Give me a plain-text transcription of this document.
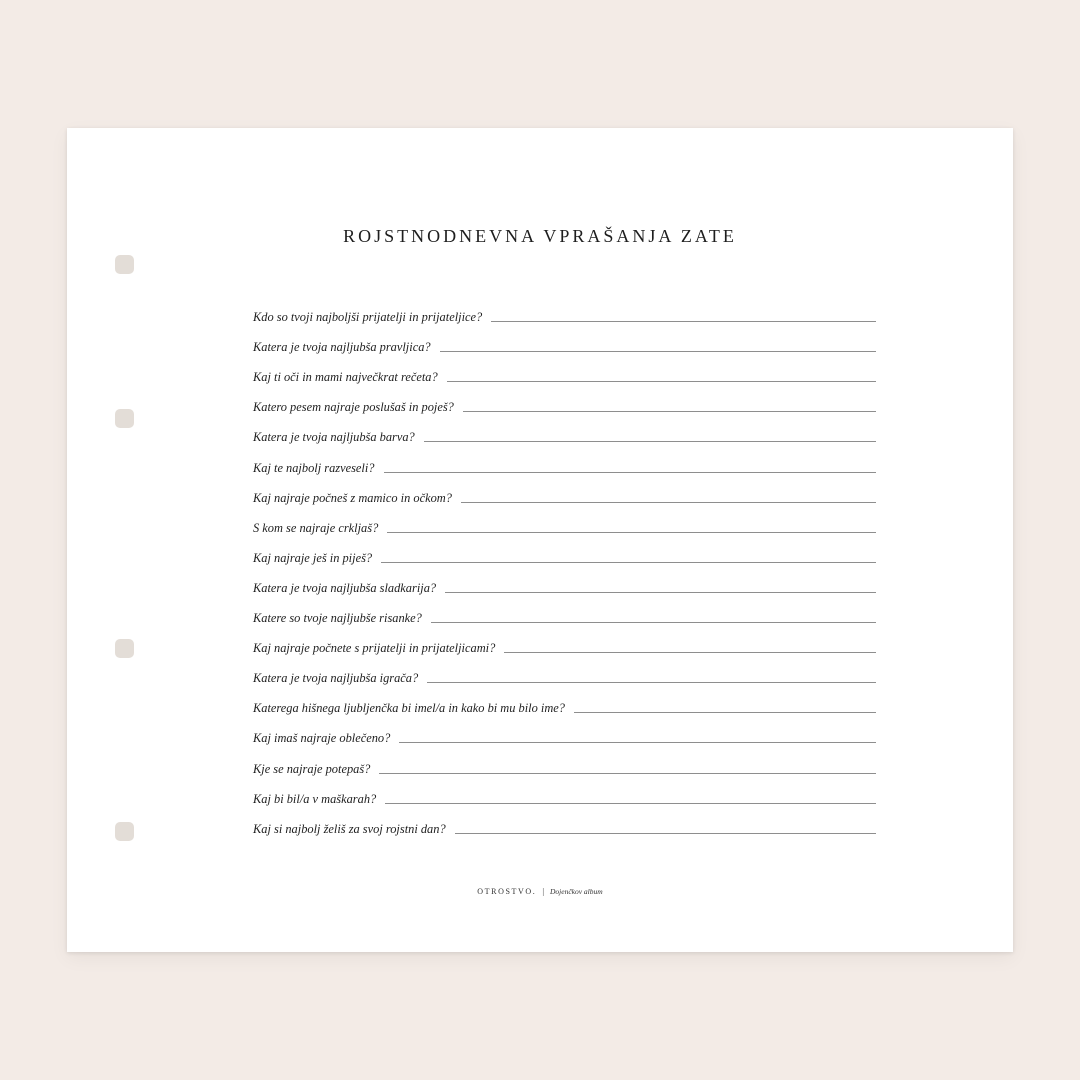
ROJSTNODNEVNA VPRAŠANJA ZATE
Kdo so tvoji najboljši prijatelji in prijateljice?
Katera je tvoja najljubša pravljica?
Kaj ti oči in mami največkrat rečeta?
Katero pesem najraje poslušaš in poješ?
Katera je tvoja najljubša barva?
Kaj te najbolj razveseli?
Kaj najraje počneš z mamico in očkom?
S kom se najraje crkljaš?
Kaj najraje ješ in piješ?
Katera je tvoja najljubša sladkarija?
Katere so tvoje najljubše risanke?
Kaj najraje počnete s prijatelji in prijateljicami?
Katera je tvoja najljubša igrača?
Katerega hišnega ljubljenčka bi imel/a in kako bi mu bilo ime?
Kaj imaš najraje oblečeno?
Kje se najraje potepaš?
Kaj bi bil/a v maškarah?
Kaj si najbolj želiš za svoj rojstni dan?
OTROSTVO. | Dojenčkov album
